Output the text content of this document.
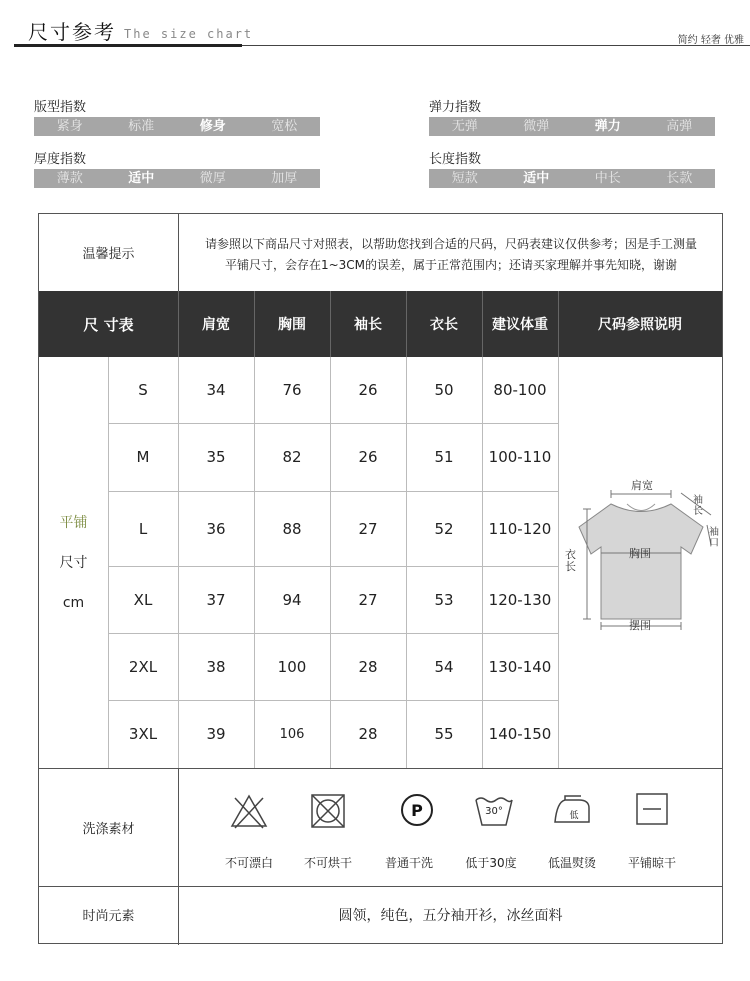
尺寸参考 The size chart	简约 轻奢 优雅
版型指数
紧身	标准	修身	宽松
弹力指数
无弹	微弹	弹力	高弹
厚度指数
薄款	适中	微厚	加厚
长度指数
短款	适中	中长	长款
温馨提示
请参照以下商品尺寸对照表，以帮助您找到合适的尺码，尺码表建议仅供参考；因是手工测量
平铺尺寸，会存在1~3CM的误差，属于正常范围内；还请买家理解并事先知晓，谢谢
尺 寸表	肩宽	胸围	袖长	衣长	建议体重	尺码参照说明
平铺
尺寸
cm
S	34	76	26	50	80-100
M	35	82	26	51	100-110
L	36	88	27	52	110-120
XL	37	94	27	53	120-130
2XL	38	100	28	54	130-140
3XL	39	106	28	55	140-150
肩宽
胸围
摆围
衣长
袖长
袖口
洗涤素材
不可漂白	不可烘干
P
普通干洗
30°
低于30度
低
低温熨烫	平铺晾干
时尚元素	圆领，纯色，五分袖开衫，冰丝面料
